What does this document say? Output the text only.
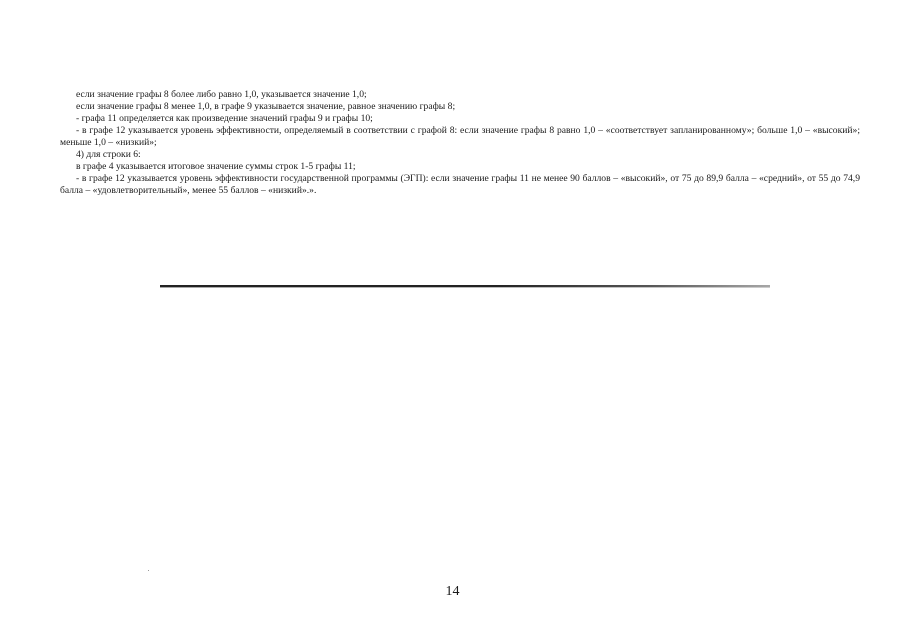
если значение графы 8 более либо равно 1,0, указывается значение 1,0;

если значение графы 8 менее 1,0, в графе 9 указывается значение, равное значению графы 8;

- графа 11 определяется как произведение значений графы 9 и графы 10;

- в графе 12 указывается уровень эффективности, определяемый в соответствии с графой 8: если значение графы 8 равно 1,0 – «соответствует запланированному»; больше 1,0 – «высокий»; меньше 1,0 – «низкий»;

4) для строки 6:

в графе 4 указывается итоговое значение суммы строк 1-5 графы 11;

- в графе 12 указывается уровень эффективности государственной программы (ЭГП): если значение графы 11 не менее 90 баллов – «высокий», от 75 до 89,9 балла – «средний», от 55 до 74,9 балла – «удовлетворительный», менее 55 баллов – «низкий».».

14
